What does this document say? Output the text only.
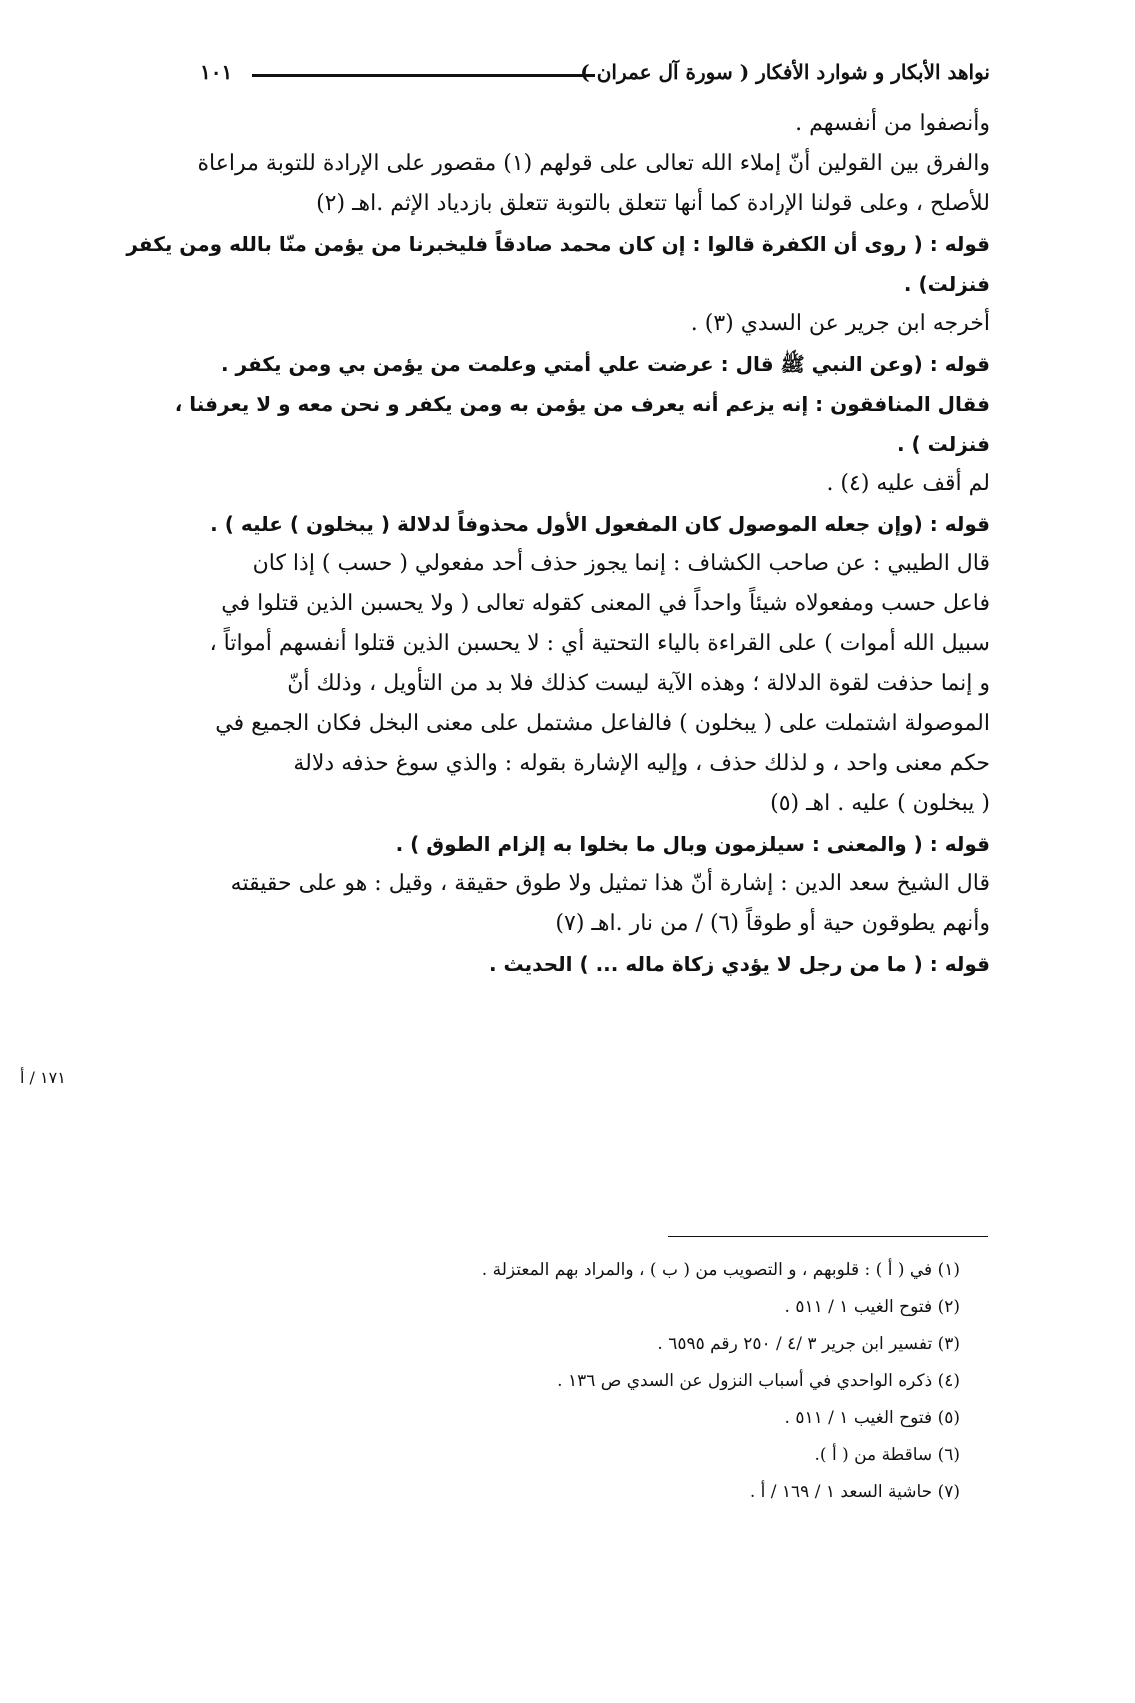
نواهد الأبكار و شوارد الأفكار ( سورة آل عمران )
١٠١
وأنصفوا من أنفسهم .
والفرق بين القولين أنّ إملاء الله تعالى على قولهم (١) مقصور على الإرادة للتوبة مراعاة
للأصلح ، وعلى قولنا الإرادة كما أنها تتعلق بالتوبة تتعلق بازدياد الإثم .اهـ (٢)
قوله : ( روى أن الكفرة قالوا : إن كان محمد صادقاً فليخبرنا من يؤمن منّا بالله ومن يكفر
فنزلت) .
أخرجه ابن جرير عن السدي (٣) .
قوله : (وعن النبي ﷺ قال : عرضت علي أمتي وعلمت من يؤمن بي ومن يكفر .
فقال المنافقون : إنه يزعم أنه يعرف من يؤمن به ومن يكفر و نحن معه و لا يعرفنا ،
فنزلت ) .
لم أقف عليه (٤) .
قوله : (وإن جعله الموصول كان المفعول الأول محذوفاً لدلالة ( يبخلون ) عليه ) .
قال الطيبي : عن صاحب الكشاف : إنما يجوز حذف أحد مفعولي ( حسب ) إذا كان
فاعل حسب ومفعولاه شيئاً واحداً في المعنى كقوله تعالى ( ولا يحسبن الذين قتلوا في
سبيل الله أموات ) على القراءة بالياء التحتية أي : لا يحسبن الذين قتلوا أنفسهم أمواتاً ،
و إنما حذفت لقوة الدلالة ؛ وهذه الآية ليست كذلك فلا بد من التأويل ، وذلك أنّ
الموصولة اشتملت على ( يبخلون ) فالفاعل مشتمل على معنى البخل فكان الجميع في
حكم معنى واحد ، و لذلك حذف ، وإليه الإشارة بقوله : والذي سوغ حذفه دلالة
( يبخلون ) عليه . اهـ (٥)
قوله : ( والمعنى : سيلزمون وبال ما بخلوا به إلزام الطوق ) .
قال الشيخ سعد الدين : إشارة أنّ هذا تمثيل ولا طوق حقيقة ، وقيل : هو على حقيقته
وأنهم يطوقون حية أو طوقاً (٦) / من نار .اهـ (٧)
قوله : ( ما من رجل لا يؤدي زكاة ماله ... ) الحديث .
١٧١ / أ
(١) في ( أ ) : قلوبهم ، و التصويب من ( ب ) ، والمراد بهم المعتزلة .
(٢) فتوح الغيب ١ / ٥١١ .
(٣) تفسير ابن جرير ٣ /٤ / ٢٥٠ رقم ٦٥٩٥ .
(٤) ذكره الواحدي في أسباب النزول عن السدي ص ١٣٦ .
(٥) فتوح الغيب ١ / ٥١١ .
(٦) ساقطة من ( أ ).
(٧) حاشية السعد ١ / ١٦٩ / أ .
